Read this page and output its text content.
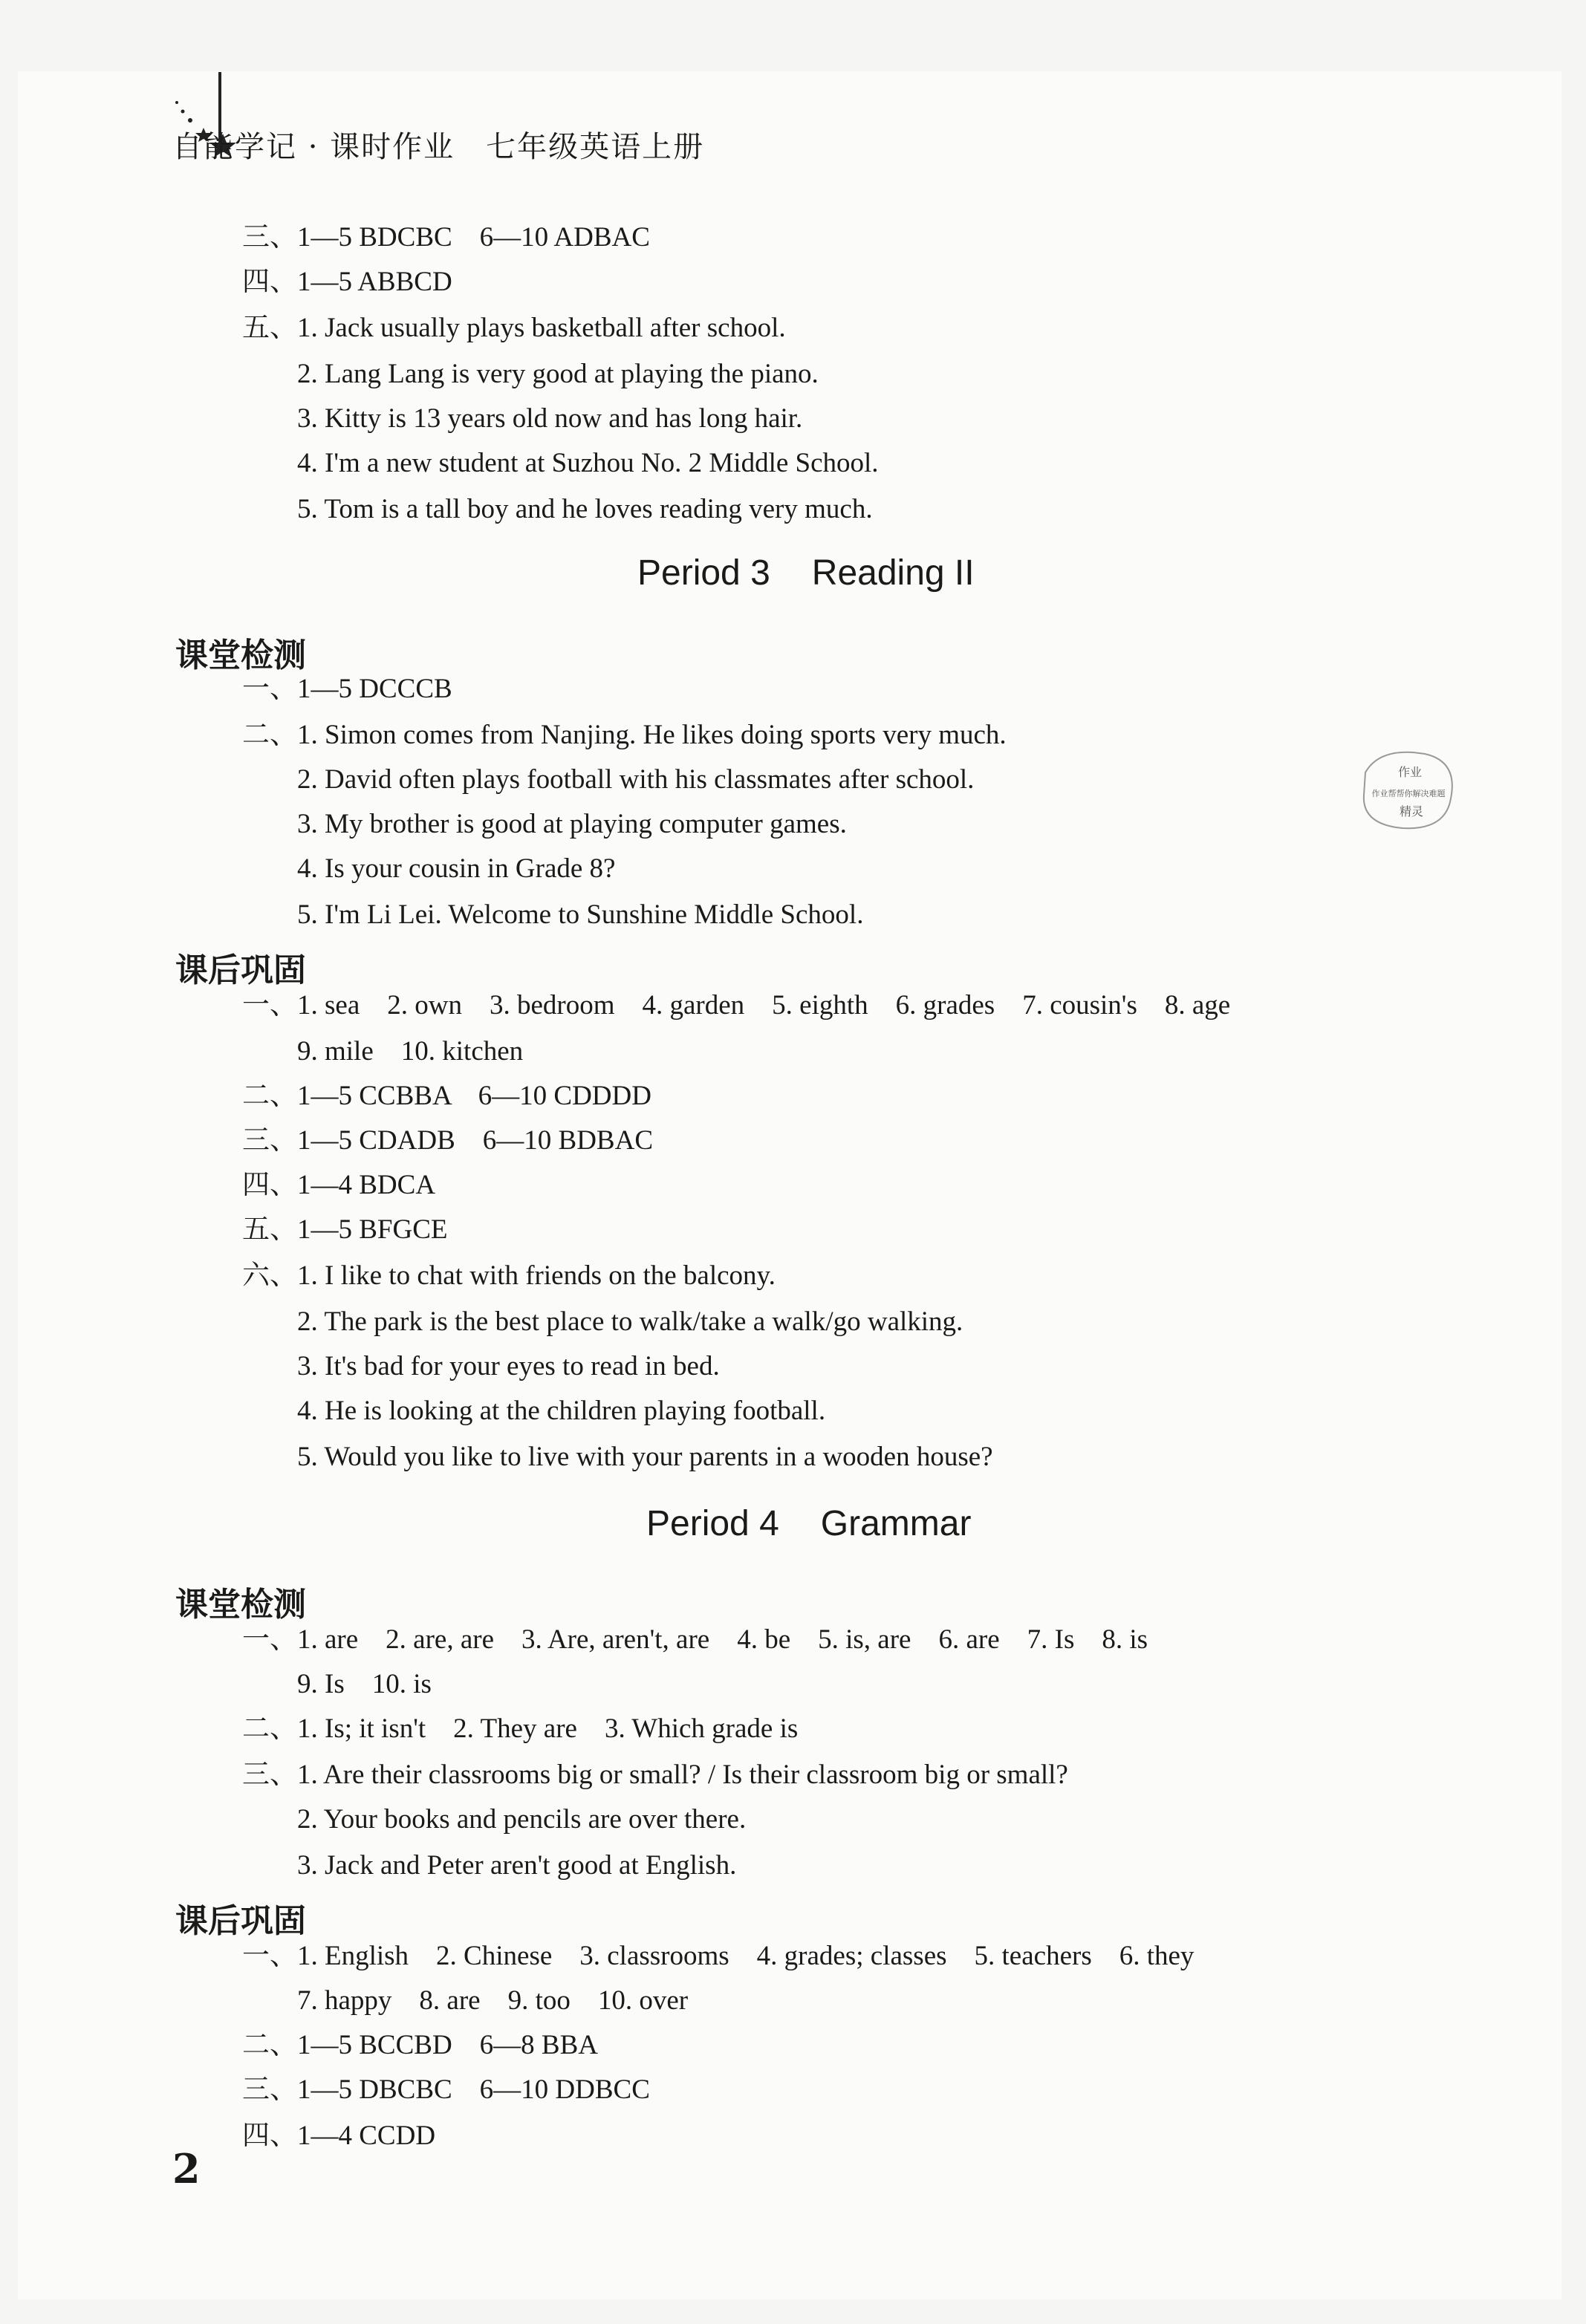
自能学记 · 课时作业　七年级英语上册
三、1—5 BDCBC　6—10 ADBAC
四、1—5 ABBCD
五、1. Jack usually plays basketball after school.
2. Lang Lang is very good at playing the piano.
3. Kitty is 13 years old now and has long hair.
4. I'm a new student at Suzhou No. 2 Middle School.
5. Tom is a tall boy and he loves reading very much.
Period 3 Reading II
课堂检测
一、1—5 DCCCB
二、1. Simon comes from Nanjing. He likes doing sports very much.
2. David often plays football with his classmates after school.
3. My brother is good at playing computer games.
4. Is your cousin in Grade 8?
5. I'm Li Lei. Welcome to Sunshine Middle School.
课后巩固
一、1. sea　2. own　3. bedroom　4. garden　5. eighth　6. grades　7. cousin's　8. age
9. mile　10. kitchen
二、1—5 CCBBA　6—10 CDDDD
三、1—5 CDADB　6—10 BDBAC
四、1—4 BDCA
五、1—5 BFGCE
六、1. I like to chat with friends on the balcony.
2. The park is the best place to walk/take a walk/go walking.
3. It's bad for your eyes to read in bed.
4. He is looking at the children playing football.
5. Would you like to live with your parents in a wooden house?
Period 4 Grammar
课堂检测
一、1. are　2. are, are　3. Are, aren't, are　4. be　5. is, are　6. are　7. Is　8. is
9. Is　10. is
二、1. Is; it isn't　2. They are　3. Which grade is
三、1. Are their classrooms big or small? / Is their classroom big or small?
2. Your books and pencils are over there.
3. Jack and Peter aren't good at English.
课后巩固
一、1. English　2. Chinese　3. classrooms　4. grades; classes　5. teachers　6. they
7. happy　8. are　9. too　10. over
二、1—5 BCCBD　6—8 BBA
三、1—5 DBCBC　6—10 DDBCC
四、1—4 CCDD
作业
作业帮帮你解决难题
精灵
2
